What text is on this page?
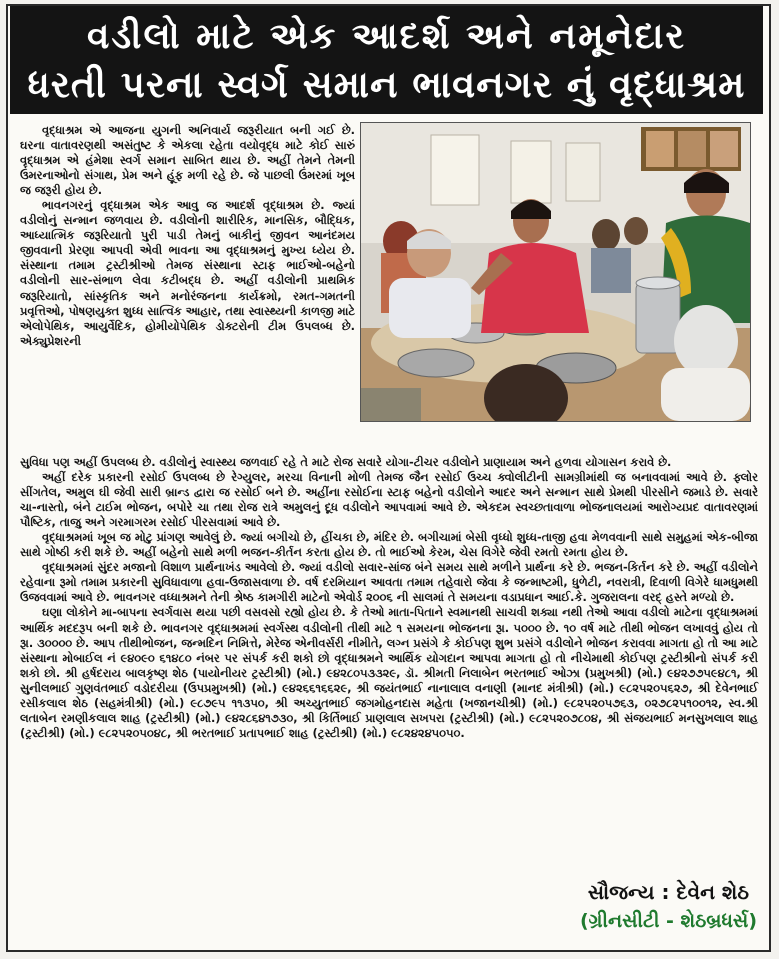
વડીલો માટે એક આદર્શ અને નમૂનેદાર
ધરતી પરના સ્વર્ગ સમાન ભાવનગર નું વૃદ્ધાશ્રમ

વૃદ્ધાશ્રમ એ આજના યુગની અનિવાર્ય જરૂરીયાત બની ગઈ છે. ઘરના વાતાવરણથી અસંતુષ્ટ કે એકલા રહેતા વયોવૃદ્ધ માટે કોઈ સારું વૃદ્ધાશ્રમ એ હંમેશા સ્વર્ગ સમાન સાબિત થાય છે. અહીં તેમને તેમની ઉંમરનાઓનો સંગાથ, પ્રેમ અને હૂંફ મળી રહે છે. જે પાછલી ઉંમરમાં ખૂબ જ જરૂરી હોય છે.

ભાવનગરનું વૃદ્ધાશ્રમ એક આવુ જ આદર્શ વૃદ્ધાશ્રમ છે. જ્યાં વડીલોનું સન્માન જળવાય છે. વડીલોની શારીરિક, માનસિક, બૌદ્ધિક, આધ્યાત્મિક જરૂરિયાતો પુરી પાડી તેમનું બાકીનું જીવન આનંદમય જીવવાની પ્રેરણા આપવી એવી ભાવના આ વૃદ્ધાશ્રમનું મુખ્ય ધ્યેય છે. સંસ્થાના તમામ ટ્રસ્ટીશ્રીઓ તેમજ સંસ્થાના સ્ટાફ ભાઈઓ-બહેનો વડીલોની સાર-સંભાળ લેવા કટીબદ્ધ છે. અહીં વડીલોની પ્રાથમિક જરૂરિયાતો, સાંસ્કૃતિક અને મનોરંજનના કાર્યક્રમો, રમત-ગમતની પ્રવૃત્તિઓ, પોષણયુક્ત શુધ્ધ સાત્વિક આહાર, તથા સ્વાસ્થ્યની કાળજી માટે એલોપેથિક, આયુર્વેદિક, હોમીયોપેથિક ડોક્ટરોની ટીમ ઉપલબ્ધ છે. એક્યુપ્રેશરની

સુવિધા પણ અહીં ઉપલબ્ધ છે. વડીલોનું સ્વાસ્થ્ય જળવાઈ રહે તે માટે રોજ સવારે યોગા-ટીચર વડીલોને પ્રાણાયામ અને હળવા યોગાસન કરાવે છે.

અહીં દરેક પ્રકારની રસોઈ ઉપલબ્ધ છે રેગ્યુલર, મરચા વિનાની મોળી તેમજ જૈન રસોઈ ઉચ્ચ ક્વોલીટીની સામગ્રીમાંથી જ બનાવવામાં આવે છે. ફ્લોર સીંગતેલ, અમુલ ઘી જેવી સારી બ્રાન્ડ દ્વારા જ રસોઈ બને છે. અહીંના રસોઈના સ્ટાફ બહેનો વડીલોને આદર અને સન્માન સાથે પ્રેમથી પીરસીને જમાડે છે. સવારે ચા-નાસ્તો, બંને ટાઈમ ભોજન, બપોરે ચા તથા રોજ રાત્રે અમુલનું દૂધ વડીલોને આપવામાં આવે છે. એકદમ સ્વચ્છતાવાળા ભોજનાલયમાં આરોગ્યપ્રદ વાતાવરણમાં પૌષ્ટિક, તાજુ અને ગરમાગરમ રસોઈ પીરસવામાં આવે છે.

વૃદ્ધાશ્રમમાં ખૂબ જ મોટુ પ્રાંગણ આવેલું છે. જ્યાં બગીચો છે, હીંચકા છે, મંદિર છે. બગીચામાં બેસી વૃધ્ધો શુધ્ધ-તાજી હવા મેળવવાની સાથે સમુહમાં એક-બીજા સાથે ગોષ્ઠી કરી શકે છે. અહીં બહેનો સાથે મળી ભજન-કીર્તન કરતા હોય છે. તો ભાઈઓ કેરમ, ચેસ વિગેરે જેવી રમતો રમતા હોય છે.

વૃદ્ધાશ્રમમાં સુંદર મજાનો વિશાળ પ્રાર્થનાખંડ આવેલો છે. જ્યાં વડીલો સવાર-સાંજ બંને સમય સાથે મળીને પ્રાર્થના કરે છે. ભજન-કિર્તન કરે છે. અહીં વડીલોને રહેવાના રૂમો તમામ પ્રકારની સુવિધાવાળા હવા-ઉજાસવાળા છે. વર્ષ દરમિયાન આવતા તમામ તહેવારો જેવા કે જન્માષ્ટમી, ધુળેટી, નવરાત્રી, દિવાળી વિગેરે ધામધુમથી ઉજવવામાં આવે છે. ભાવનગર વધ્ધાશ્રમને તેની શ્રેષ્ઠ કામગીરી માટેનો એવોર્ડ ૨૦૦૬ ની સાલમાં તે સમયના વડાપ્રધાન આઈ.કે. ગુજરાલના વરદ્ હસ્તે મળ્યો છે.

ઘણા લોકોને મા-બાપના સ્વર્ગવાસ થયા પછી વસવસો રહ્યો હોય છે. કે તેઓ માતા-પિતાને સ્વમાનથી સાચવી શક્યા નથી તેઓ આવા વડીલો માટેના વૃદ્ધાશ્રમમાં આર્થિક મદદરૂપ બની શકે છે. ભાવનગર વૃદ્ધાશ્રમમાં સ્વર્ગસ્થ વડીલોની તીથી માટે ૧ સમયના ભોજનના રૂા. ૫૦૦૦ છે. ૧૦ વર્ષ માટે તીથી ભોજન લખાવવું હોય તો રૂા. ૩૦૦૦૦ છે. આપ તીથીભોજન, જન્મદિન નિમિત્તે, મેરેજ એનીવર્સરી નીમીતે, લગ્ન પ્રસંગે કે કોઈપણ શુભ પ્રસંગે વડીલોને ભોજન કરાવવા માગતા હો તો આ માટે સંસ્થાના મોબાઈલ નં ૯૪૦૯૦ ૬૧૪૮૦ નંબર પર સંપર્ક કરી શકો છો વૃદ્ધાશ્રમને આર્થિક યોગદાન આપવા માગતા હો તો નીચેમાથી કોઈપણ ટ્રસ્ટીશ્રીનો સંપર્ક કરી શકો છો. શ્રી હર્ષદરાય બાલકૃષ્ણ શેઠ (પાયોનીયર ટ્રસ્ટીશ્રી) (મો.) ૯૪૨૮૦૫૩૩૨૯, ડૉ. શ્રીમતી નિલાબેન ભરતભાઈ ઓઝા (પ્રમુખશ્રી) (મો.) ૯૪૨૭૭૫૯૪૮૧, શ્રી સુનીલભાઈ ગુણવંતભાઈ વડોદરીયા (ઉપપ્રમુખશ્રી) (મો.) ૯૪૨૬૬૧૬૬૨૯, શ્રી જયંતભાઈ નાનાલાલ વનાણી (માનદ મંત્રીશ્રી) (મો.) ૯૮૨૫૨૦૫૬૨૭, શ્રી દેવેનભાઈ રસીકલાલ શેઠ (સહમંત્રીશ્રી) (મો.) ૯૮૭૯૫ ૧૧૩૫૦, શ્રી અચ્યુતભાઈ જગમોહનદાસ મહેતા (ખજાનચીશ્રી) (મો.) ૯૮૨૫૨૦૫૭૬૩, ૦૨૭૮૨૫૧૦૦૧૨, સ્વ.શ્રી લતાબેન રમણીકલાલ શાહ (ટ્રસ્ટીશ્રી) (મો.) ૯૪૨૮૬૪૧૭૩૦, શ્રી કિર્તિભાઈ પ્રાણલાલ સખપરા (ટ્રસ્ટીશ્રી) (મો.) ૯૮૨૫૨૦૭૮૦૪, શ્રી સંજયભાઈ મનસુખલાલ શાહ (ટ્રસ્ટીશ્રી) (મો.) ૯૮૨૫૨૦૫૦૪૮, શ્રી ભરતભાઈ પ્રતાપભાઈ શાહ (ટ્રસ્ટીશ્રી) (મો.) ૯૮૨૪૨૪૫૦૫૦.

સૌજન્ય : દેવેન શેઠ
(ગ્રીનસીટી - શેઠબ્રધર્સ)
